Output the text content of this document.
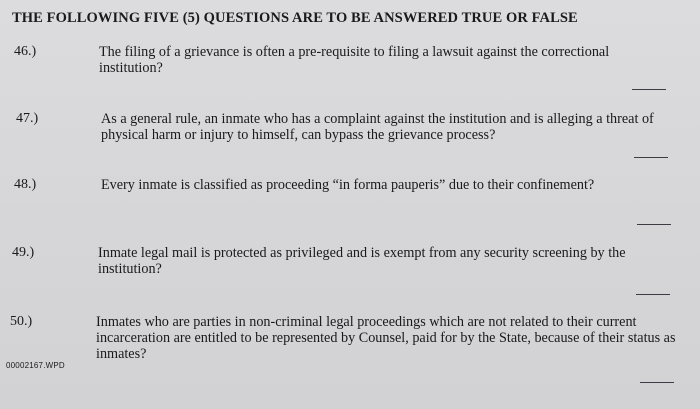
THE FOLLOWING FIVE (5) QUESTIONS ARE TO BE ANSWERED TRUE OR FALSE
46.)	The filing of a grievance is often a pre-requisite to filing a lawsuit against the correctional institution?
47.)	As a general rule, an inmate who has a complaint against the institution and is alleging a threat of physical harm or injury to himself, can bypass the grievance process?
48.)	Every inmate is classified as proceeding “in forma pauperis” due to their confinement?
49.)	Inmate legal mail is protected as privileged and is exempt from any security screening by the institution?
50.)	Inmates who are parties in non-criminal legal proceedings which are not related to their current incarceration are entitled to be represented by Counsel, paid for by the State, because of their status as inmates?
00002167.WPD
